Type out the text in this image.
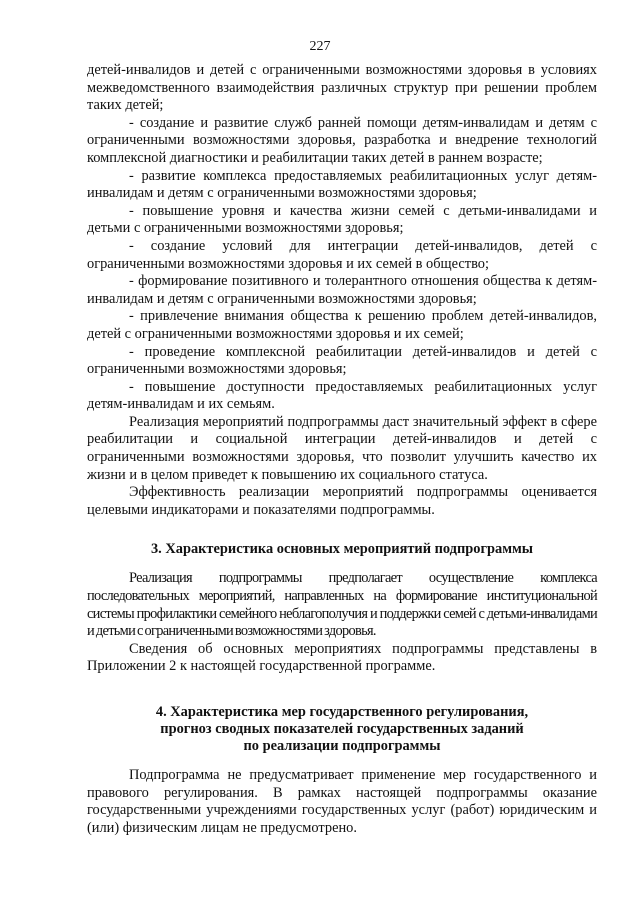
227

детей-инвалидов и детей с ограниченными возможностями здоровья в условиях межведомственного взаимодействия различных структур при решении проблем таких детей;

- создание и развитие служб ранней помощи детям-инвалидам и детям с ограниченными возможностями здоровья, разработка и внедрение технологий комплексной диагностики и реабилитации таких детей в раннем возрасте;

- развитие комплекса предоставляемых реабилитационных услуг детям-инвалидам и детям с ограниченными возможностями здоровья;

- повышение уровня и качества жизни семей с детьми-инвалидами и детьми с ограниченными возможностями здоровья;

- создание условий для интеграции детей-инвалидов, детей с ограниченными возможностями здоровья и их семей в общество;

- формирование позитивного и толерантного отношения общества к детям-инвалидам и детям с ограниченными возможностями здоровья;

- привлечение внимания общества к решению проблем детей-инвалидов, детей с ограниченными возможностями здоровья и их семей;

- проведение комплексной реабилитации детей-инвалидов и детей с ограниченными возможностями здоровья;

- повышение доступности предоставляемых реабилитационных услуг детям-инвалидам и их семьям.

Реализация мероприятий подпрограммы даст значительный эффект в сфере реабилитации и социальной интеграции детей-инвалидов и детей с ограниченными возможностями здоровья, что позволит улучшить качество их жизни и в целом приведет к повышению их социального статуса.

Эффективность реализации мероприятий подпрограммы оценивается целевыми индикаторами и показателями подпрограммы.

3. Характеристика основных мероприятий подпрограммы

Реализация подпрограммы предполагает осуществление комплекса последовательных мероприятий, направленных на формирование институциональной системы профилактики семейного неблагополучия и поддержки семей с детьми-инвалидами и детьми с ограниченными возможностями здоровья.

Сведения об основных мероприятиях подпрограммы представлены в Приложении 2 к настоящей государственной программе.

4. Характеристика мер государственного регулирования,
прогноз сводных показателей государственных заданий
по реализации подпрограммы

Подпрограмма не предусматривает применение мер государственного и правового регулирования. В рамках настоящей подпрограммы оказание государственными учреждениями государственных услуг (работ) юридическим и (или) физическим лицам не предусмотрено.
